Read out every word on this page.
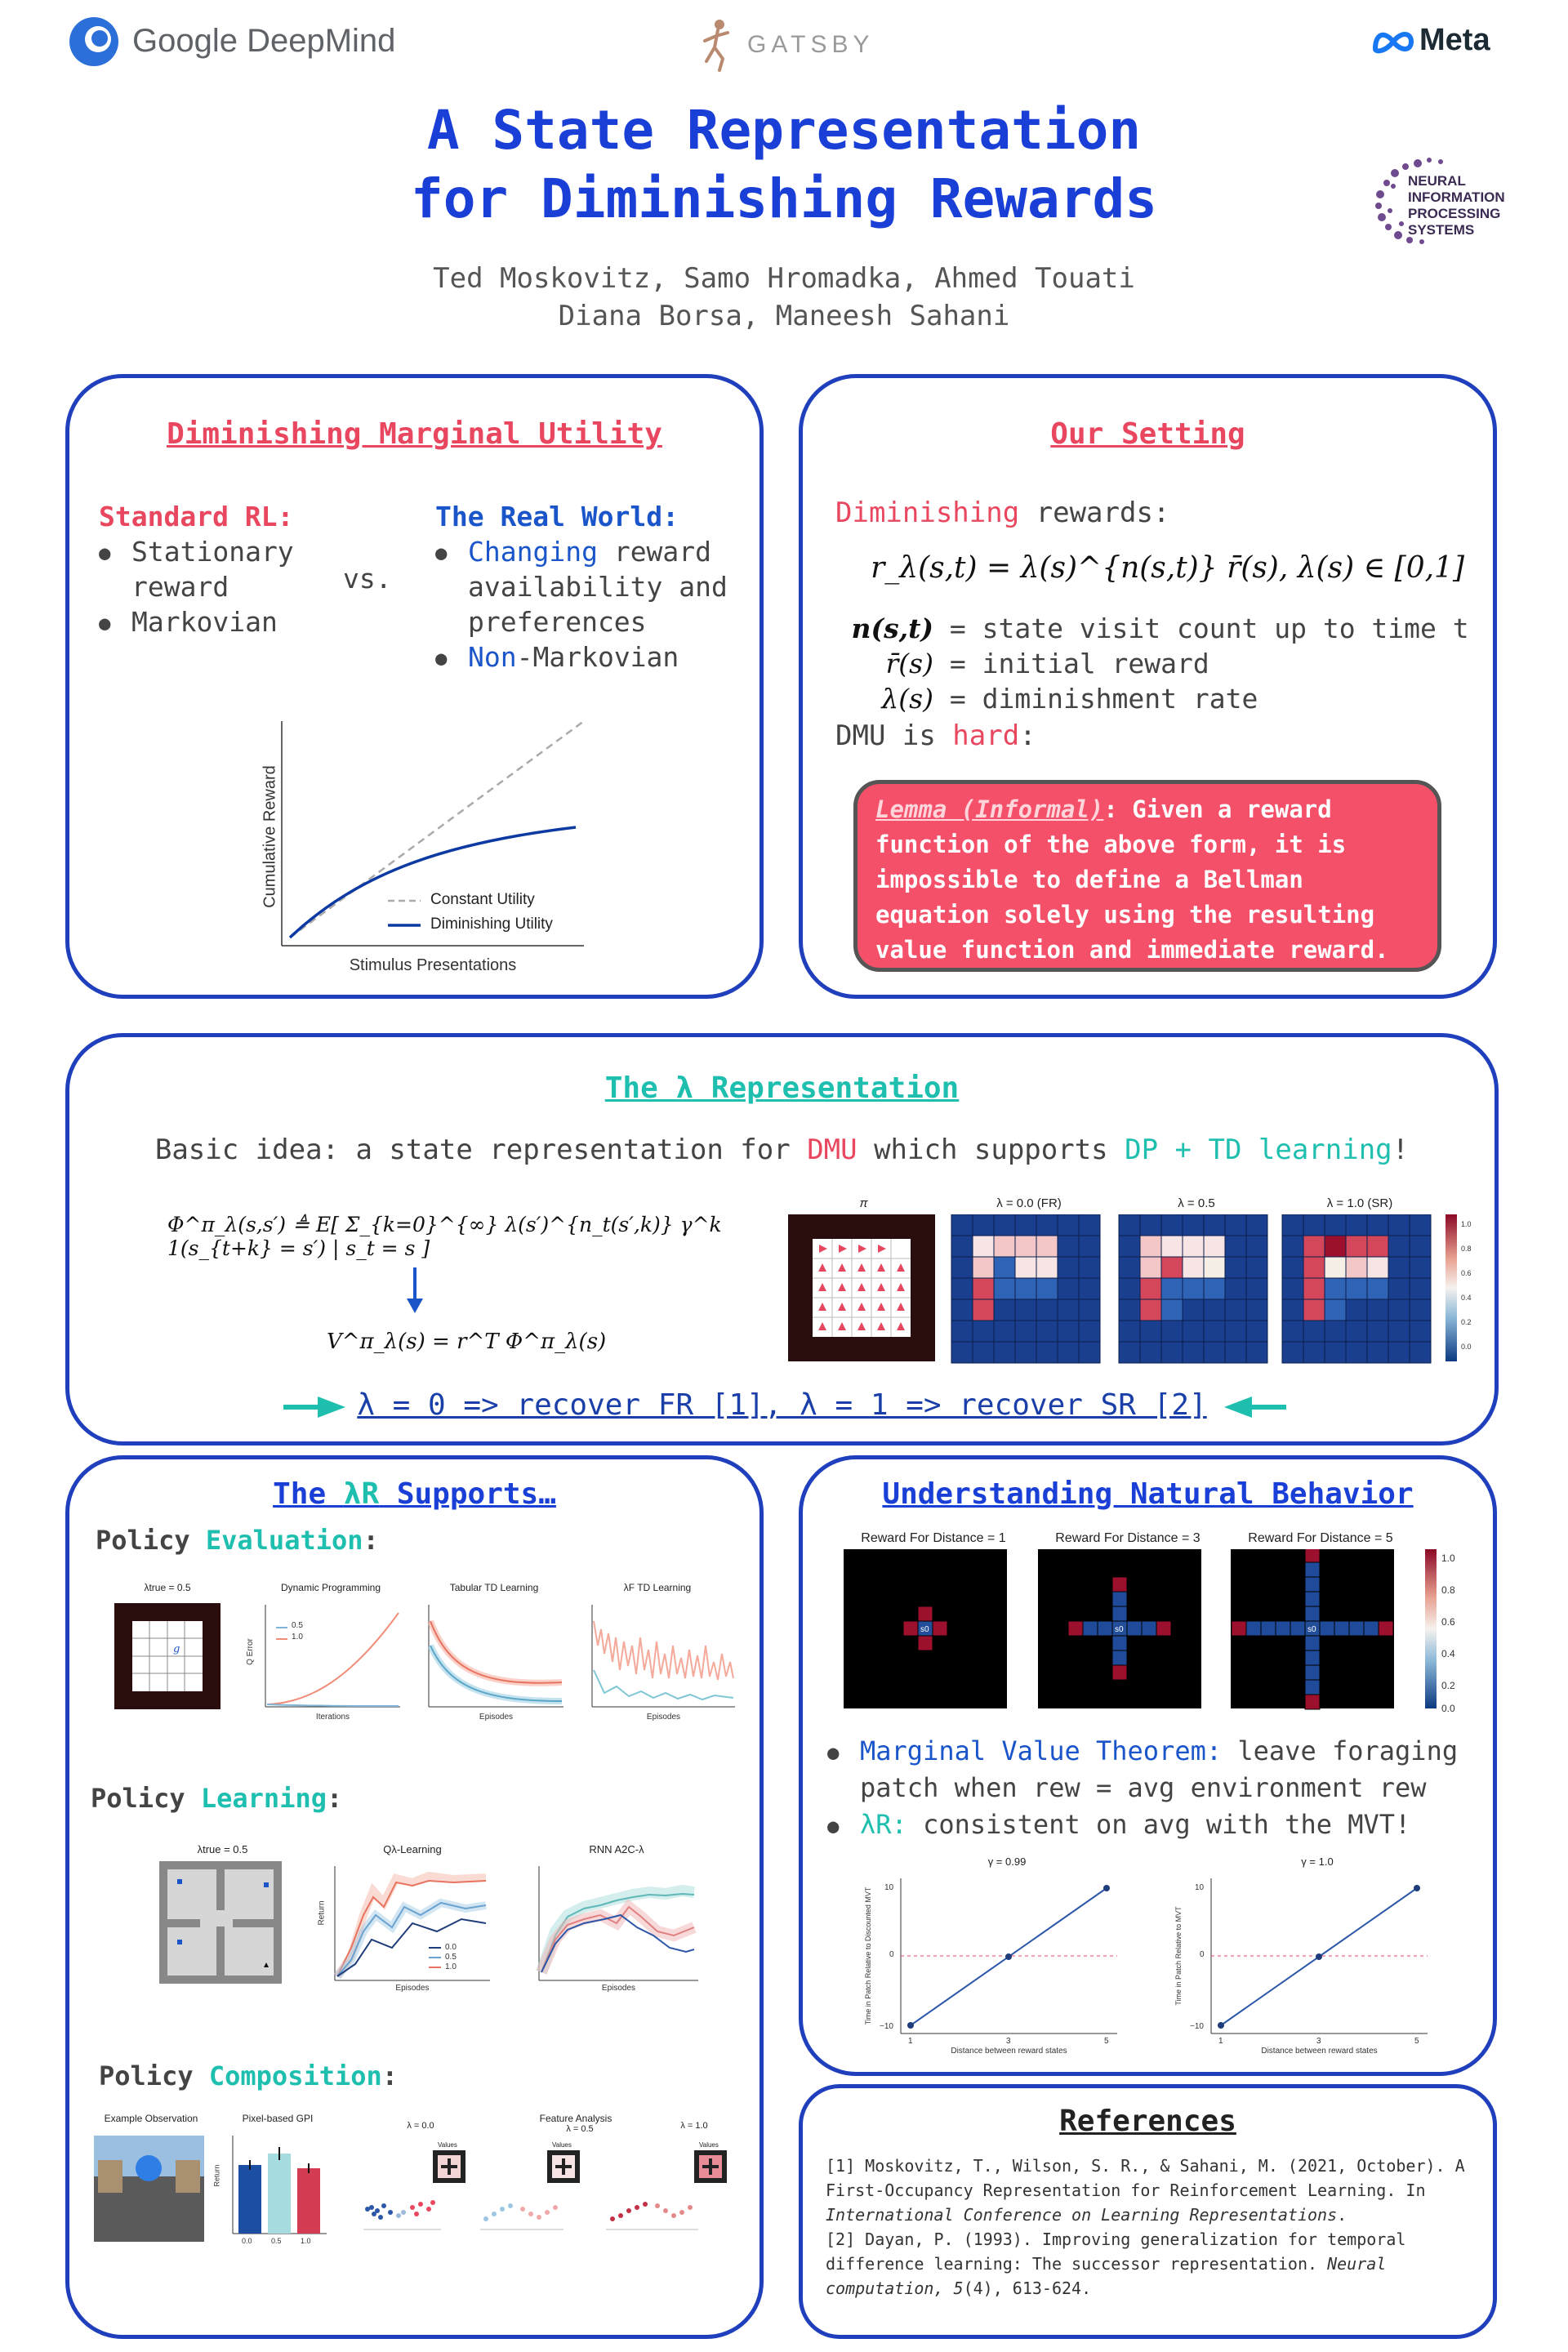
Google DeepMind	GATSBY	Meta
NEURAL
INFORMATION
PROCESSING
SYSTEMS
A State Representation
for Diminishing Rewards
Ted Moskovitz, Samo Hromadka, Ahmed Touati
Diana Borsa, Maneesh Sahani
Diminishing Marginal Utility
Standard RL:
● Stationary reward
● Markovian
vs.
The Real World:
● Changing reward availability and preferences
● Non-Markovian
Cumulative Reward
Stimulus Presentations
Constant Utility
Diminishing Utility
Our Setting
Diminishing rewards:
r_λ(s,t) = λ(s)^{n(s,t)} r̄(s), λ(s) ∈ [0,1]
n(s,t) = state visit count up to time t
r̄(s) = initial reward
λ(s) = diminishment rate
DMU is hard:
Lemma (Informal): Given a reward function of the above form, it is impossible to define a Bellman equation solely using the resulting value function and immediate reward.
The λ Representation
Basic idea: a state representation for DMU which supports DP + TD learning!
Φ^π_λ(s,s′) ≜ E[ Σ_{k=0}^{∞} λ(s′)^{n_t(s′,k)} γ^k 1(s_{t+k} = s′) | s_t = s ]
V^π_λ(s) = r^T Φ^π_λ(s)
π	λ = 0.0 (FR)	λ = 0.5	λ = 1.0 (SR)
1.0
0.8
0.6
0.4
0.2
0.0
λ = 0 => recover FR [1], λ = 1 => recover SR [2]
The λR Supports…
Policy Evaluation:
λtrue = 0.5	Dynamic Programming	Tabular TD Learning	λF TD Learning
g
0.5
1.0
Q Error
Iterations	Episodes	Episodes
Policy Learning:
λtrue = 0.5	Qλ-Learning	RNN A2C-λ
0.0
0.5
1.0
Return
Episodes	Episodes
Policy Composition:
Example Observation	Pixel-based GPI
λ = 0.0
Feature Analysis
λ = 0.5	λ = 1.0
0.0	0.5	1.0
Return
Values	Values	Values
Understanding Natural Behavior
Reward For Distance = 1	Reward For Distance = 3	Reward For Distance = 5
s0	s0	s0
1.0
0.8
0.6
0.4
0.2
0.0
● Marginal Value Theorem: leave foraging patch when rew = avg environment rew
● λR: consistent on avg with the MVT!
γ = 0.99	γ = 1.0
10
0
−10
10
0
−10
1	3	5	1	3	5
Distance between reward states	Distance between reward states
Time in Patch Relative to Discounted MVT	Time in Patch Relative to MVT
References
[1] Moskovitz, T., Wilson, S. R., & Sahani, M. (2021, October). A First-Occupancy Representation for Reinforcement Learning. In International Conference on Learning Representations.
[2] Dayan, P. (1993). Improving generalization for temporal difference learning: The successor representation. Neural computation, 5(4), 613-624.
